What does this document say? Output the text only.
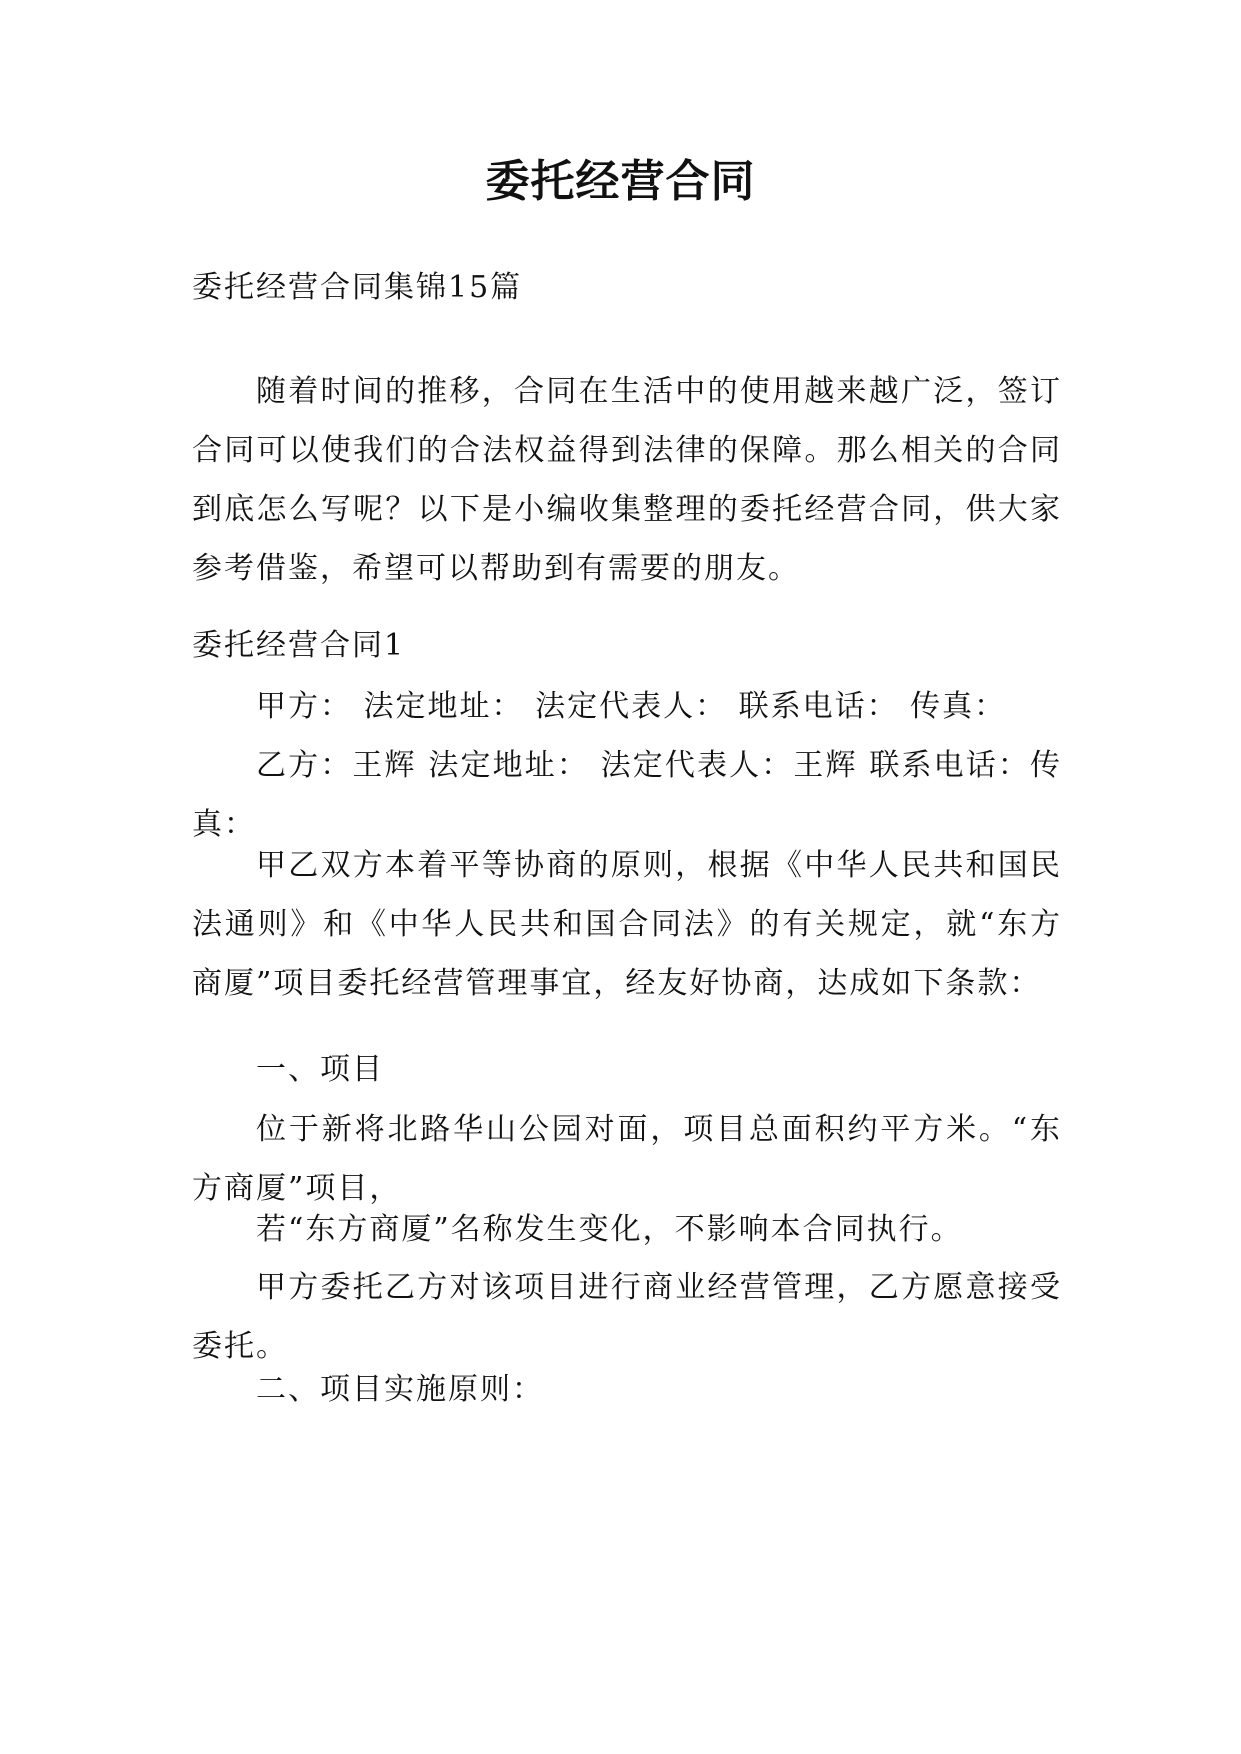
委托经营合同

委托经营合同集锦15篇

随着时间的推移，合同在生活中的使用越来越广泛，签订合同可以使我们的合法权益得到法律的保障。那么相关的合同到底怎么写呢？以下是小编收集整理的委托经营合同，供大家参考借鉴，希望可以帮助到有需要的朋友。

委托经营合同1

甲方： 法定地址： 法定代表人： 联系电话： 传真：

乙方：王辉 法定地址： 法定代表人：王辉 联系电话：传真：

甲乙双方本着平等协商的原则，根据《中华人民共和国民法通则》和《中华人民共和国合同法》的有关规定，就“东方商厦”项目委托经营管理事宜，经友好协商，达成如下条款：

一、项目

位于新将北路华山公园对面，项目总面积约平方米。“东方商厦”项目，

若“东方商厦”名称发生变化，不影响本合同执行。

甲方委托乙方对该项目进行商业经营管理，乙方愿意接受委托。

二、项目实施原则：
